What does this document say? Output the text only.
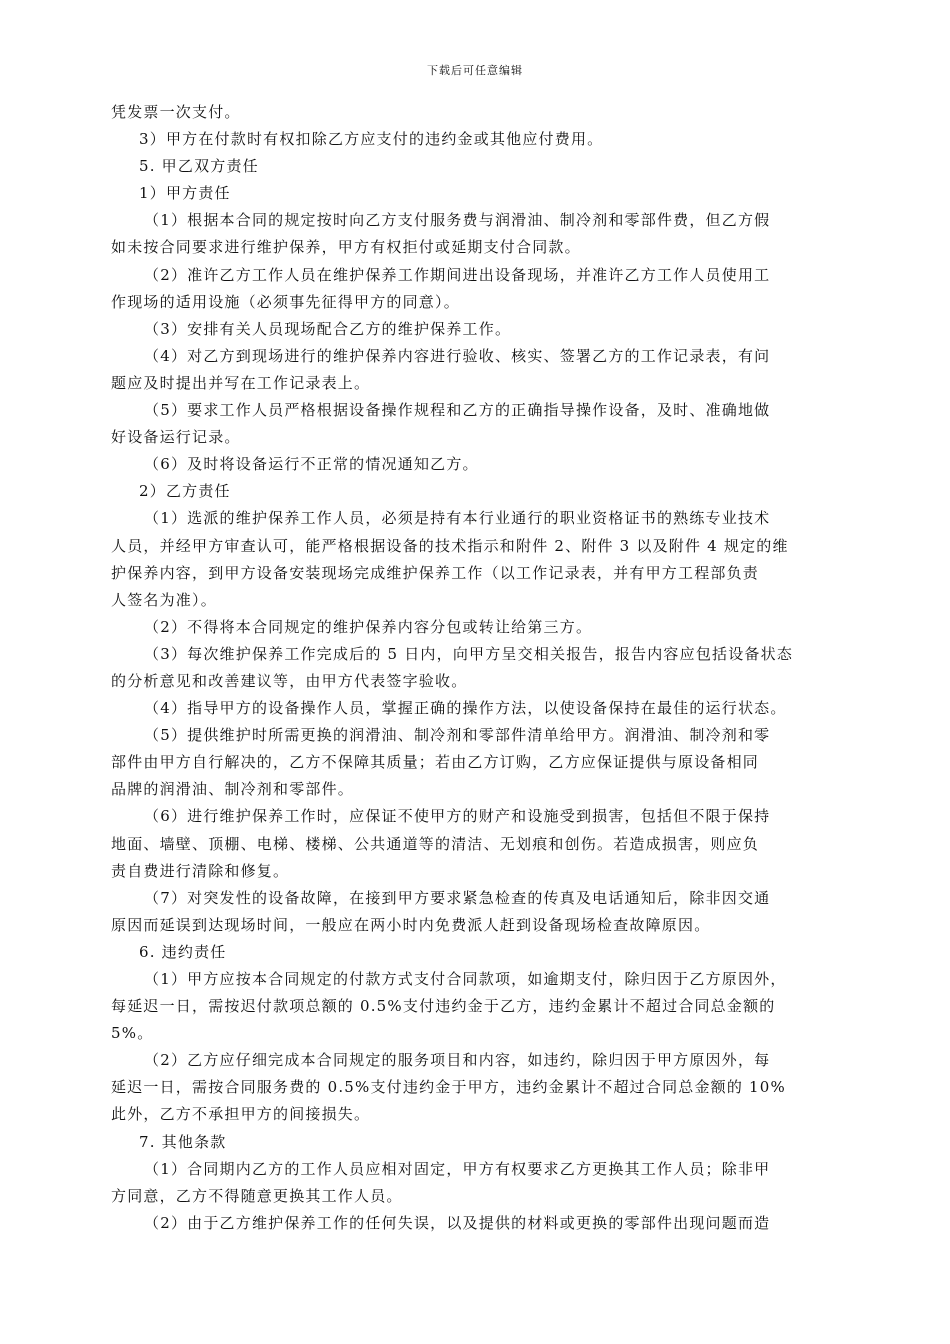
下载后可任意编辑
凭发票一次支付。
3）甲方在付款时有权扣除乙方应支付的违约金或其他应付费用。
5. 甲乙双方责任
1）甲方责任
（1）根据本合同的规定按时向乙方支付服务费与润滑油、制冷剂和零部件费，但乙方假
如未按合同要求进行维护保养，甲方有权拒付或延期支付合同款。
（2）准许乙方工作人员在维护保养工作期间进出设备现场，并准许乙方工作人员使用工
作现场的适用设施（必须事先征得甲方的同意）。
（3）安排有关人员现场配合乙方的维护保养工作。
（4）对乙方到现场进行的维护保养内容进行验收、核实、签署乙方的工作记录表，有问
题应及时提出并写在工作记录表上。
（5）要求工作人员严格根据设备操作规程和乙方的正确指导操作设备，及时、准确地做
好设备运行记录。
（6）及时将设备运行不正常的情况通知乙方。
2）乙方责任
（1）选派的维护保养工作人员，必须是持有本行业通行的职业资格证书的熟练专业技术
人员，并经甲方审查认可，能严格根据设备的技术指示和附件 2、附件 3 以及附件 4 规定的维
护保养内容，到甲方设备安装现场完成维护保养工作（以工作记录表，并有甲方工程部负责
人签名为准）。
（2）不得将本合同规定的维护保养内容分包或转让给第三方。
（3）每次维护保养工作完成后的 5 日内，向甲方呈交相关报告，报告内容应包括设备状态
的分析意见和改善建议等，由甲方代表签字验收。
（4）指导甲方的设备操作人员，掌握正确的操作方法，以使设备保持在最佳的运行状态。
（5）提供维护时所需更换的润滑油、制冷剂和零部件清单给甲方。润滑油、制冷剂和零
部件由甲方自行解决的，乙方不保障其质量；若由乙方订购，乙方应保证提供与原设备相同
品牌的润滑油、制冷剂和零部件。
（6）进行维护保养工作时，应保证不使甲方的财产和设施受到损害，包括但不限于保持
地面、墙壁、顶棚、电梯、楼梯、公共通道等的清洁、无划痕和创伤。若造成损害，则应负
责自费进行清除和修复。
（7）对突发性的设备故障，在接到甲方要求紧急检查的传真及电话通知后，除非因交通
原因而延误到达现场时间，一般应在两小时内免费派人赶到设备现场检查故障原因。
6. 违约责任
（1）甲方应按本合同规定的付款方式支付合同款项，如逾期支付，除归因于乙方原因外，
每延迟一日，需按迟付款项总额的 0.5%支付违约金于乙方，违约金累计不超过合同总金额的
5%。
（2）乙方应仔细完成本合同规定的服务项目和内容，如违约，除归因于甲方原因外，每
延迟一日，需按合同服务费的 0.5%支付违约金于甲方，违约金累计不超过合同总金额的 10%
此外，乙方不承担甲方的间接损失。
7. 其他条款
（1）合同期内乙方的工作人员应相对固定，甲方有权要求乙方更换其工作人员；除非甲
方同意，乙方不得随意更换其工作人员。
（2）由于乙方维护保养工作的任何失误，以及提供的材料或更换的零部件出现问题而造
